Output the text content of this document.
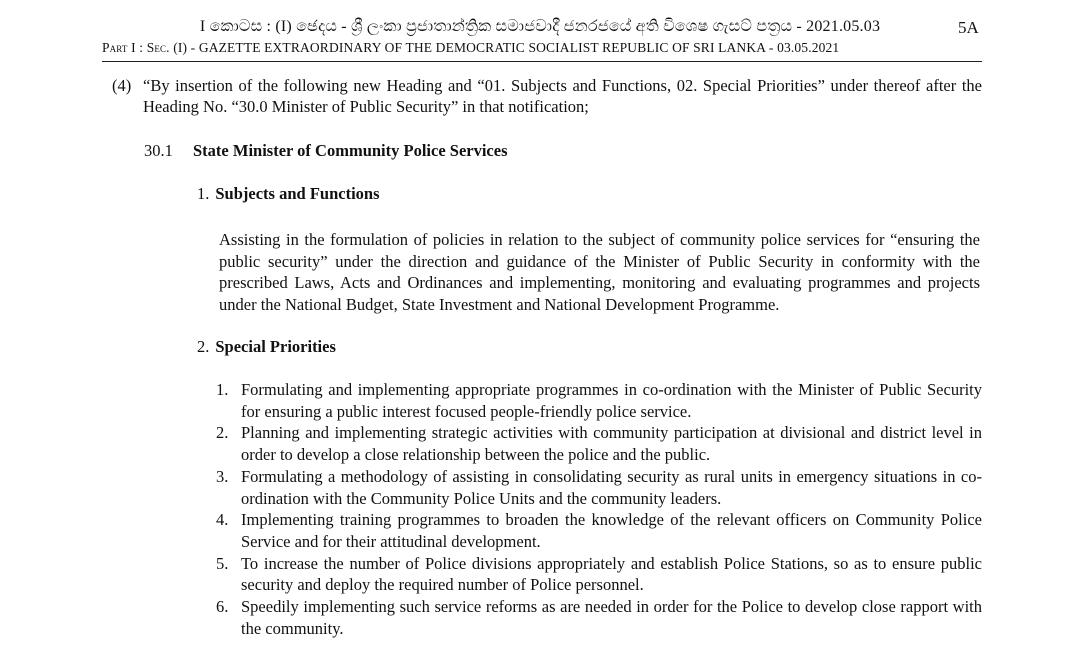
I කොටස : (I) ඡෙදය - ශ්‍රී ලංකා ප්‍රජාතාන්ත්‍රික සමාජවාදී ජනරජයේ අති විශෙෂ ගැසට් පත්‍රය - 2021.05.03	5A
Part I : Sec. (I) - GAZETTE EXTRAORDINARY OF THE DEMOCRATIC SOCIALIST REPUBLIC OF SRI LANKA - 03.05.2021
(4) “By insertion of the following new Heading and “01. Subjects and Functions, 02. Special Priorities” under thereof after the Heading No. “30.0 Minister of Public Security” in that notification;
30.1 State Minister of Community Police Services
1. Subjects and Functions
Assisting in the formulation of policies in relation to the subject of community police services for “ensuring the public security” under the direction and guidance of the Minister of Public Security in conformity with the prescribed Laws, Acts and Ordinances and implementing, monitoring and evaluating programmes and projects under the National Budget, State Investment and National Development Programme.
2. Special Priorities
1. Formulating and implementing appropriate programmes in co-ordination with the Minister of Public Security for ensuring a public interest focused people-friendly police service.
2. Planning and implementing strategic activities with community participation at divisional and district level in order to develop a close relationship between the police and the public.
3. Formulating a methodology of assisting in consolidating security as rural units in emergency situations in co-ordination with the Community Police Units and the community leaders.
4. Implementing training programmes to broaden the knowledge of the relevant officers on Community Police Service and for their attitudinal development.
5. To increase the number of Police divisions appropriately and establish Police Stations, so as to ensure public security and deploy the required number of Police personnel.
6. Speedily implementing such service reforms as are needed in order for the Police to develop close rapport with the community.
